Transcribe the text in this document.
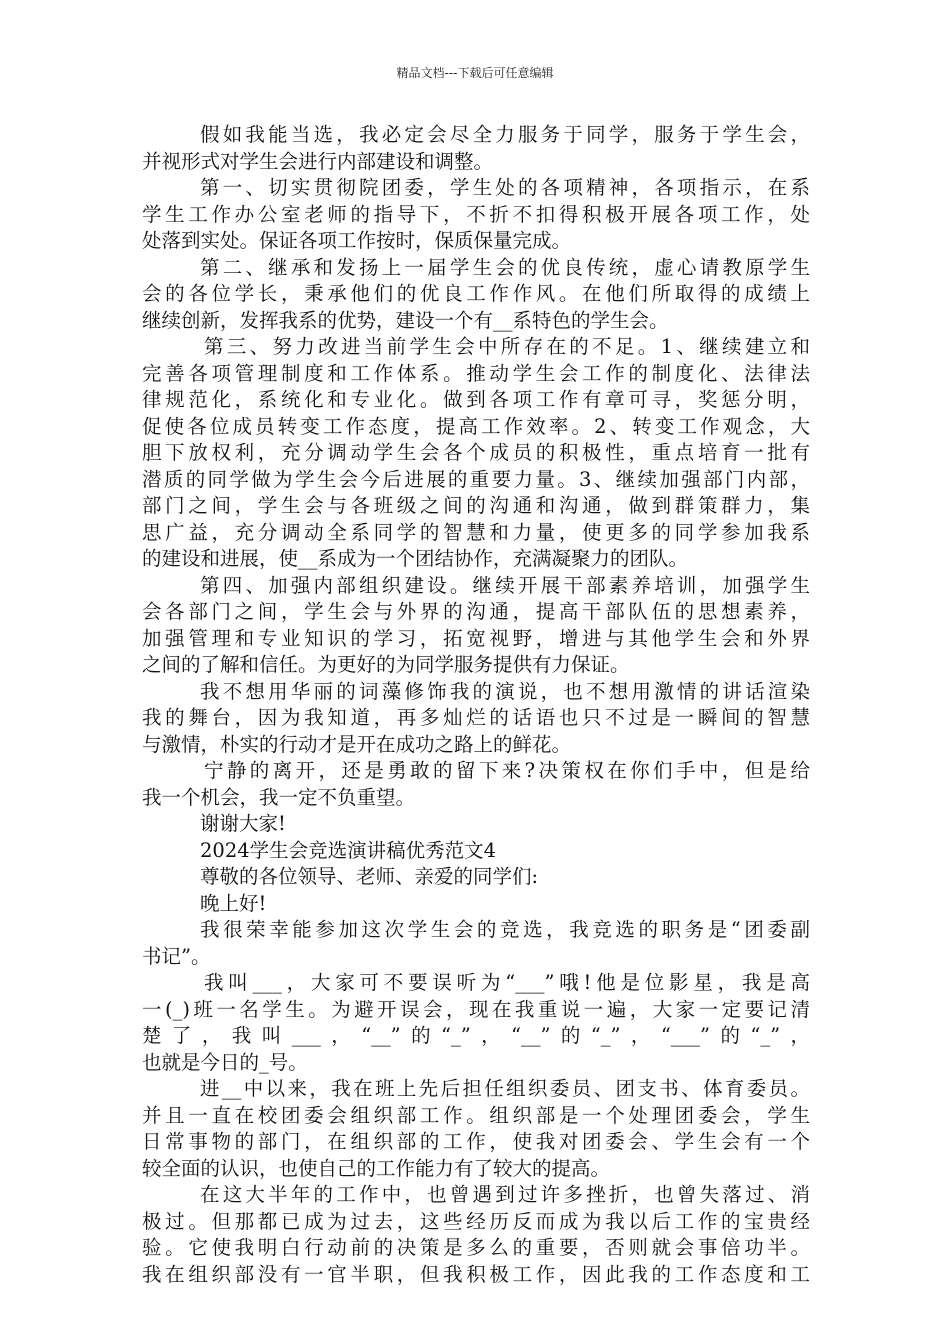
精品文档---下载后可任意编辑
假如我能当选，我必定会尽全力服务于同学，服务于学生会，
并视形式对学生会进行内部建设和调整。
第一、切实贯彻院团委，学生处的各项精神，各项指示，在系
学生工作办公室老师的指导下，不折不扣得积极开展各项工作，处
处落到实处。保证各项工作按时，保质保量完成。
第二、继承和发扬上一届学生会的优良传统，虚心请教原学生
会的各位学长，秉承他们的优良工作作风。在他们所取得的成绩上
继续创新，发挥我系的优势，建设一个有__系特色的学生会。
第三、努力改进当前学生会中所存在的不足。1、继续建立和
完善各项管理制度和工作体系。推动学生会工作的制度化、法律法
律规范化，系统化和专业化。做到各项工作有章可寻，奖惩分明，
促使各位成员转变工作态度，提高工作效率。2、转变工作观念，大
胆下放权利，充分调动学生会各个成员的积极性，重点培育一批有
潜质的同学做为学生会今后进展的重要力量。3、继续加强部门内部，
部门之间，学生会与各班级之间的沟通和沟通，做到群策群力，集
思广益，充分调动全系同学的智慧和力量，使更多的同学参加我系
的建设和进展，使__系成为一个团结协作，充满凝聚力的团队。
第四、加强内部组织建设。继续开展干部素养培训，加强学生
会各部门之间，学生会与外界的沟通，提高干部队伍的思想素养，
加强管理和专业知识的学习，拓宽视野，增进与其他学生会和外界
之间的了解和信任。为更好的为同学服务提供有力保证。
我不想用华丽的词藻修饰我的演说，也不想用激情的讲话渲染
我的舞台，因为我知道，再多灿烂的话语也只不过是一瞬间的智慧
与激情，朴实的行动才是开在成功之路上的鲜花。
宁静的离开，还是勇敢的留下来?决策权在你们手中，但是给
我一个机会，我一定不负重望。
谢谢大家!
2024学生会竞选演讲稿优秀范文4
尊敬的各位领导、老师、亲爱的同学们:
晚上好!
我很荣幸能参加这次学生会的竞选，我竞选的职务是“团委副
书记”。
我叫___，大家可不要误听为“___”哦!他是位影星，我是高
一(_)班一名学生。为避开误会，现在我重说一遍，大家一定要记清
楚了，我叫___，“__”的“_”，“__”的“_”，“___”的“_”，
也就是今日的_号。
进__中以来，我在班上先后担任组织委员、团支书、体育委员。
并且一直在校团委会组织部工作。组织部是一个处理团委会，学生
日常事物的部门，在组织部的工作，使我对团委会、学生会有一个
较全面的认识，也使自己的工作能力有了较大的提高。
在这大半年的工作中，也曾遇到过许多挫折，也曾失落过、消
极过。但那都已成为过去，这些经历反而成为我以后工作的宝贵经
验。它使我明白行动前的决策是多么的重要，否则就会事倍功半。
我在组织部没有一官半职，但我积极工作，因此我的工作态度和工
